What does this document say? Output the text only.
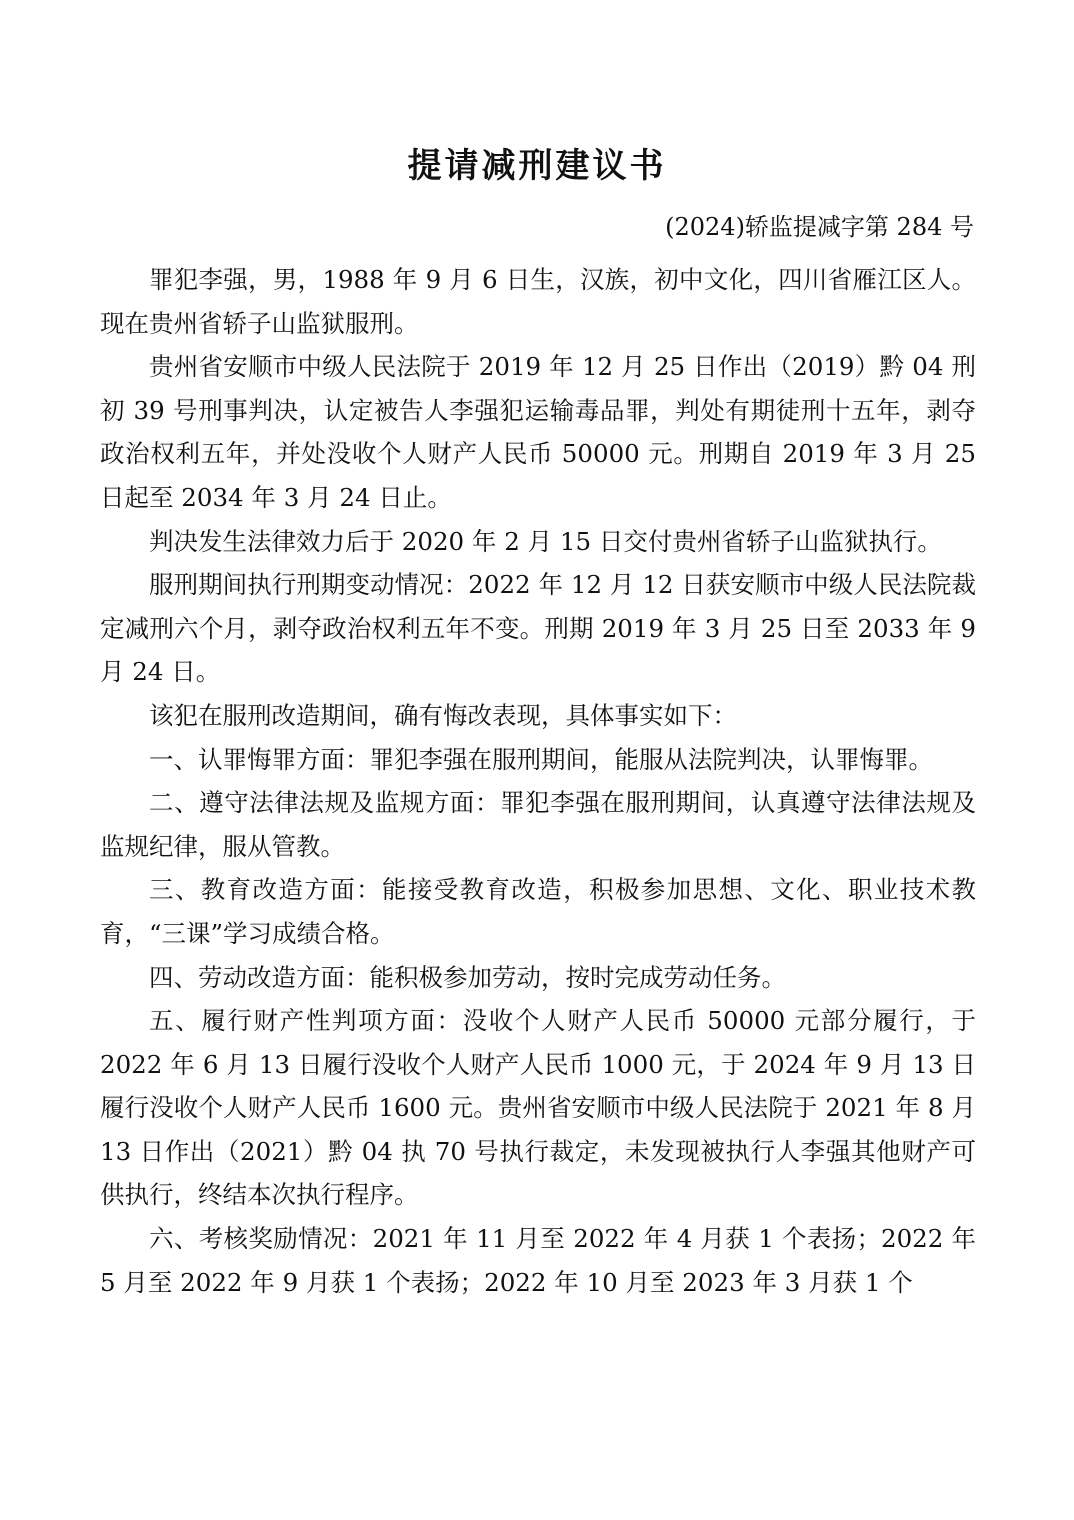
提请减刑建议书
(2024)轿监提减字第 284 号

罪犯李强，男，1988 年 9 月 6 日生，汉族，初中文化，四川省雁江区人。现在贵州省轿子山监狱服刑。

贵州省安顺市中级人民法院于 2019 年 12 月 25 日作出（2019）黔 04 刑初 39 号刑事判决，认定被告人李强犯运输毒品罪，判处有期徒刑十五年，剥夺政治权利五年，并处没收个人财产人民币 50000 元。刑期自 2019 年 3 月 25 日起至 2034 年 3 月 24 日止。

判决发生法律效力后于 2020 年 2 月 15 日交付贵州省轿子山监狱执行。

服刑期间执行刑期变动情况：2022 年 12 月 12 日获安顺市中级人民法院裁定减刑六个月，剥夺政治权利五年不变。刑期 2019 年 3 月 25 日至 2033 年 9 月 24 日。

该犯在服刑改造期间，确有悔改表现，具体事实如下：

一、认罪悔罪方面：罪犯李强在服刑期间，能服从法院判决，认罪悔罪。

二、遵守法律法规及监规方面：罪犯李强在服刑期间，认真遵守法律法规及监规纪律，服从管教。

三、教育改造方面：能接受教育改造，积极参加思想、文化、职业技术教育，“三课”学习成绩合格。

四、劳动改造方面：能积极参加劳动，按时完成劳动任务。

五、履行财产性判项方面：没收个人财产人民币 50000 元部分履行，于 2022 年 6 月 13 日履行没收个人财产人民币 1000 元，于 2024 年 9 月 13 日履行没收个人财产人民币 1600 元。贵州省安顺市中级人民法院于 2021 年 8 月 13 日作出（2021）黔 04 执 70 号执行裁定，未发现被执行人李强其他财产可供执行，终结本次执行程序。

六、考核奖励情况：2021 年 11 月至 2022 年 4 月获 1 个表扬；2022 年 5 月至 2022 年 9 月获 1 个表扬；2022 年 10 月至 2023 年 3 月获 1 个
